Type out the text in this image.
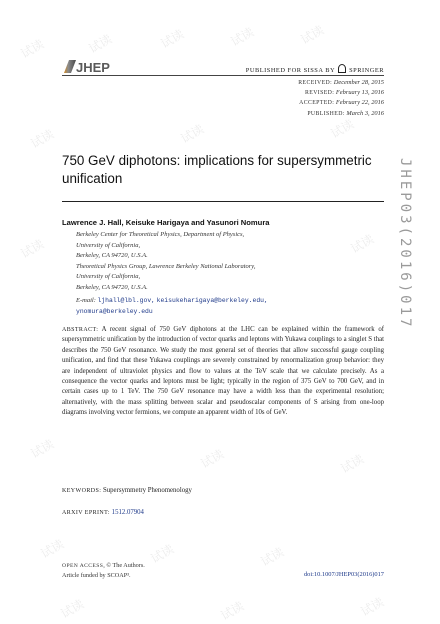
试读	试读	试读	试读	试读
试读	试读	试读
试读	试读
试读	试读	试读
试读	试读	试读
试读	试读	试读
JHEP	PUBLISHED FOR SISSA BY SPRINGER
RECEIVED: December 28, 2015
REVISED: February 13, 2016
ACCEPTED: February 22, 2016
PUBLISHED: March 3, 2016
750 GeV diphotons: implications for supersymmetric unification
Lawrence J. Hall, Keisuke Harigaya and Yasunori Nomura
Berkeley Center for Theoretical Physics, Department of Physics,
University of California,
Berkeley, CA 94720, U.S.A.
Theoretical Physics Group, Lawrence Berkeley National Laboratory,
University of California,
Berkeley, CA 94720, U.S.A.
E-mail: ljhall@lbl.gov, keisukeharigaya@berkeley.edu,
ynomura@berkeley.edu
ABSTRACT: A recent signal of 750 GeV diphotons at the LHC can be explained within the framework of supersymmetric unification by the introduction of vector quarks and leptons with Yukawa couplings to a singlet S that describes the 750 GeV resonance. We study the most general set of theories that allow successful gauge coupling unification, and find that these Yukawa couplings are severely constrained by renormalization group behavior: they are independent of ultraviolet physics and flow to values at the TeV scale that we calculate precisely. As a consequence the vector quarks and leptons must be light; typically in the region of 375 GeV to 700 GeV, and in certain cases up to 1 TeV. The 750 GeV resonance may have a width less than the experimental resolution; alternatively, with the mass splitting between scalar and pseudoscalar components of S arising from one-loop diagrams involving vector fermions, we compute an apparent width of 10s of GeV.
KEYWORDS: Supersymmetry Phenomenology
ARXIV EPRINT: 1512.07904
OPEN ACCESS, © The Authors.
Article funded by SCOAP³.	doi:10.1007/JHEP03(2016)017
JHEP03(2016)017
